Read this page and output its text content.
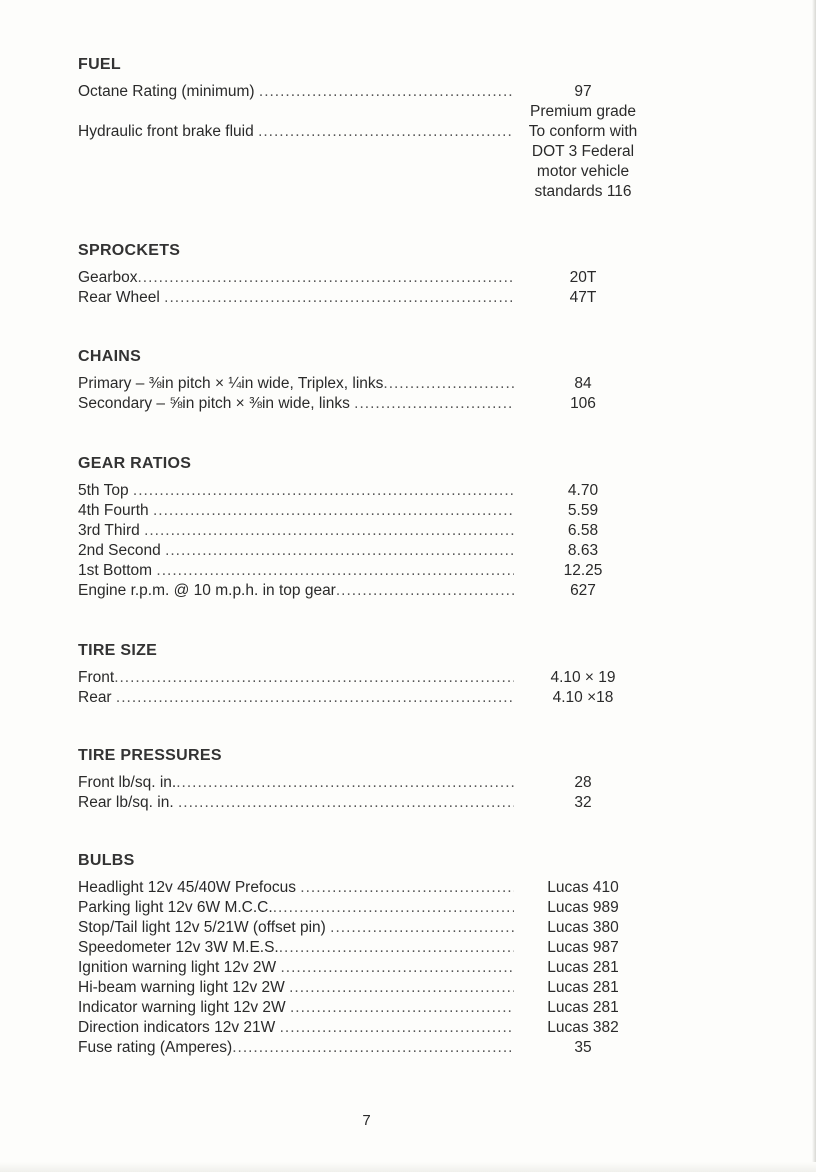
FUEL
Octane Rating (minimum) .....	97
Premium grade
Hydraulic front brake fluid .....	To conform with
DOT 3 Federal
motor vehicle
standards 116
SPROCKETS
Gearbox .....	20T
Rear Wheel .....	47T
CHAINS
Primary – ⅜in pitch × ¼in wide, Triplex, links .....	84
Secondary – ⅝in pitch × ⅜in wide, links .....	106
GEAR RATIOS
5th Top .....	4.70
4th Fourth .....	5.59
3rd Third .....	6.58
2nd Second .....	8.63
1st Bottom .....	12.25
Engine r.p.m. @ 10 m.p.h. in top gear .....	627
TIRE SIZE
Front .....	4.10 × 19
Rear .....	4.10 ×18
TIRE PRESSURES
Front lb/sq. in. .....	28
Rear lb/sq. in. .....	32
BULBS
Headlight 12v 45/40W Prefocus .....	Lucas 410
Parking light 12v 6W M.C.C. .....	Lucas 989
Stop/Tail light 12v 5/21W (offset pin) .....	Lucas 380
Speedometer 12v 3W M.E.S. .....	Lucas 987
Ignition warning light 12v 2W .....	Lucas 281
Hi-beam warning light 12v 2W .....	Lucas 281
Indicator warning light 12v 2W .....	Lucas 281
Direction indicators 12v 21W .....	Lucas 382
Fuse rating (Amperes) .....	35
7
